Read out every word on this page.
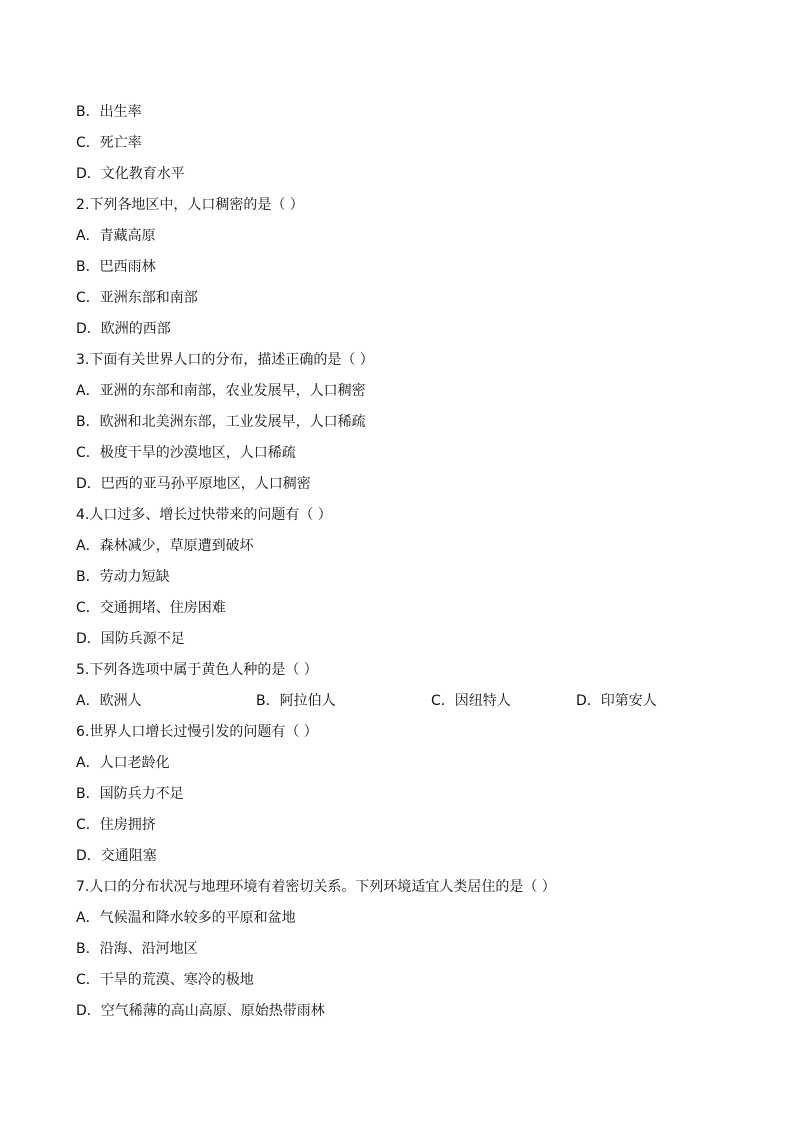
B．出生率
C．死亡率
D．文化教育水平
2.下列各地区中，人口稠密的是（ ）
A．青藏高原
B．巴西雨林
C．亚洲东部和南部
D．欧洲的西部
3.下面有关世界人口的分布，描述正确的是（ ）
A．亚洲的东部和南部，农业发展早，人口稠密
B．欧洲和北美洲东部，工业发展早，人口稀疏
C．极度干旱的沙漠地区，人口稀疏
D．巴西的亚马孙平原地区，人口稠密
4.人口过多、增长过快带来的问题有（ ）
A．森林减少，草原遭到破坏
B．劳动力短缺
C．交通拥堵、住房困难
D．国防兵源不足
5.下列各选项中属于黄色人种的是（ ）
A．欧洲人	B．阿拉伯人	C．因纽特人	D．印第安人
6.世界人口增长过慢引发的问题有（ ）
A．人口老龄化
B．国防兵力不足
C．住房拥挤
D．交通阻塞
7.人口的分布状况与地理环境有着密切关系。下列环境适宜人类居住的是（ ）
A．气候温和降水较多的平原和盆地
B．沿海、沿河地区
C．干旱的荒漠、寒冷的极地
D．空气稀薄的高山高原、原始热带雨林
